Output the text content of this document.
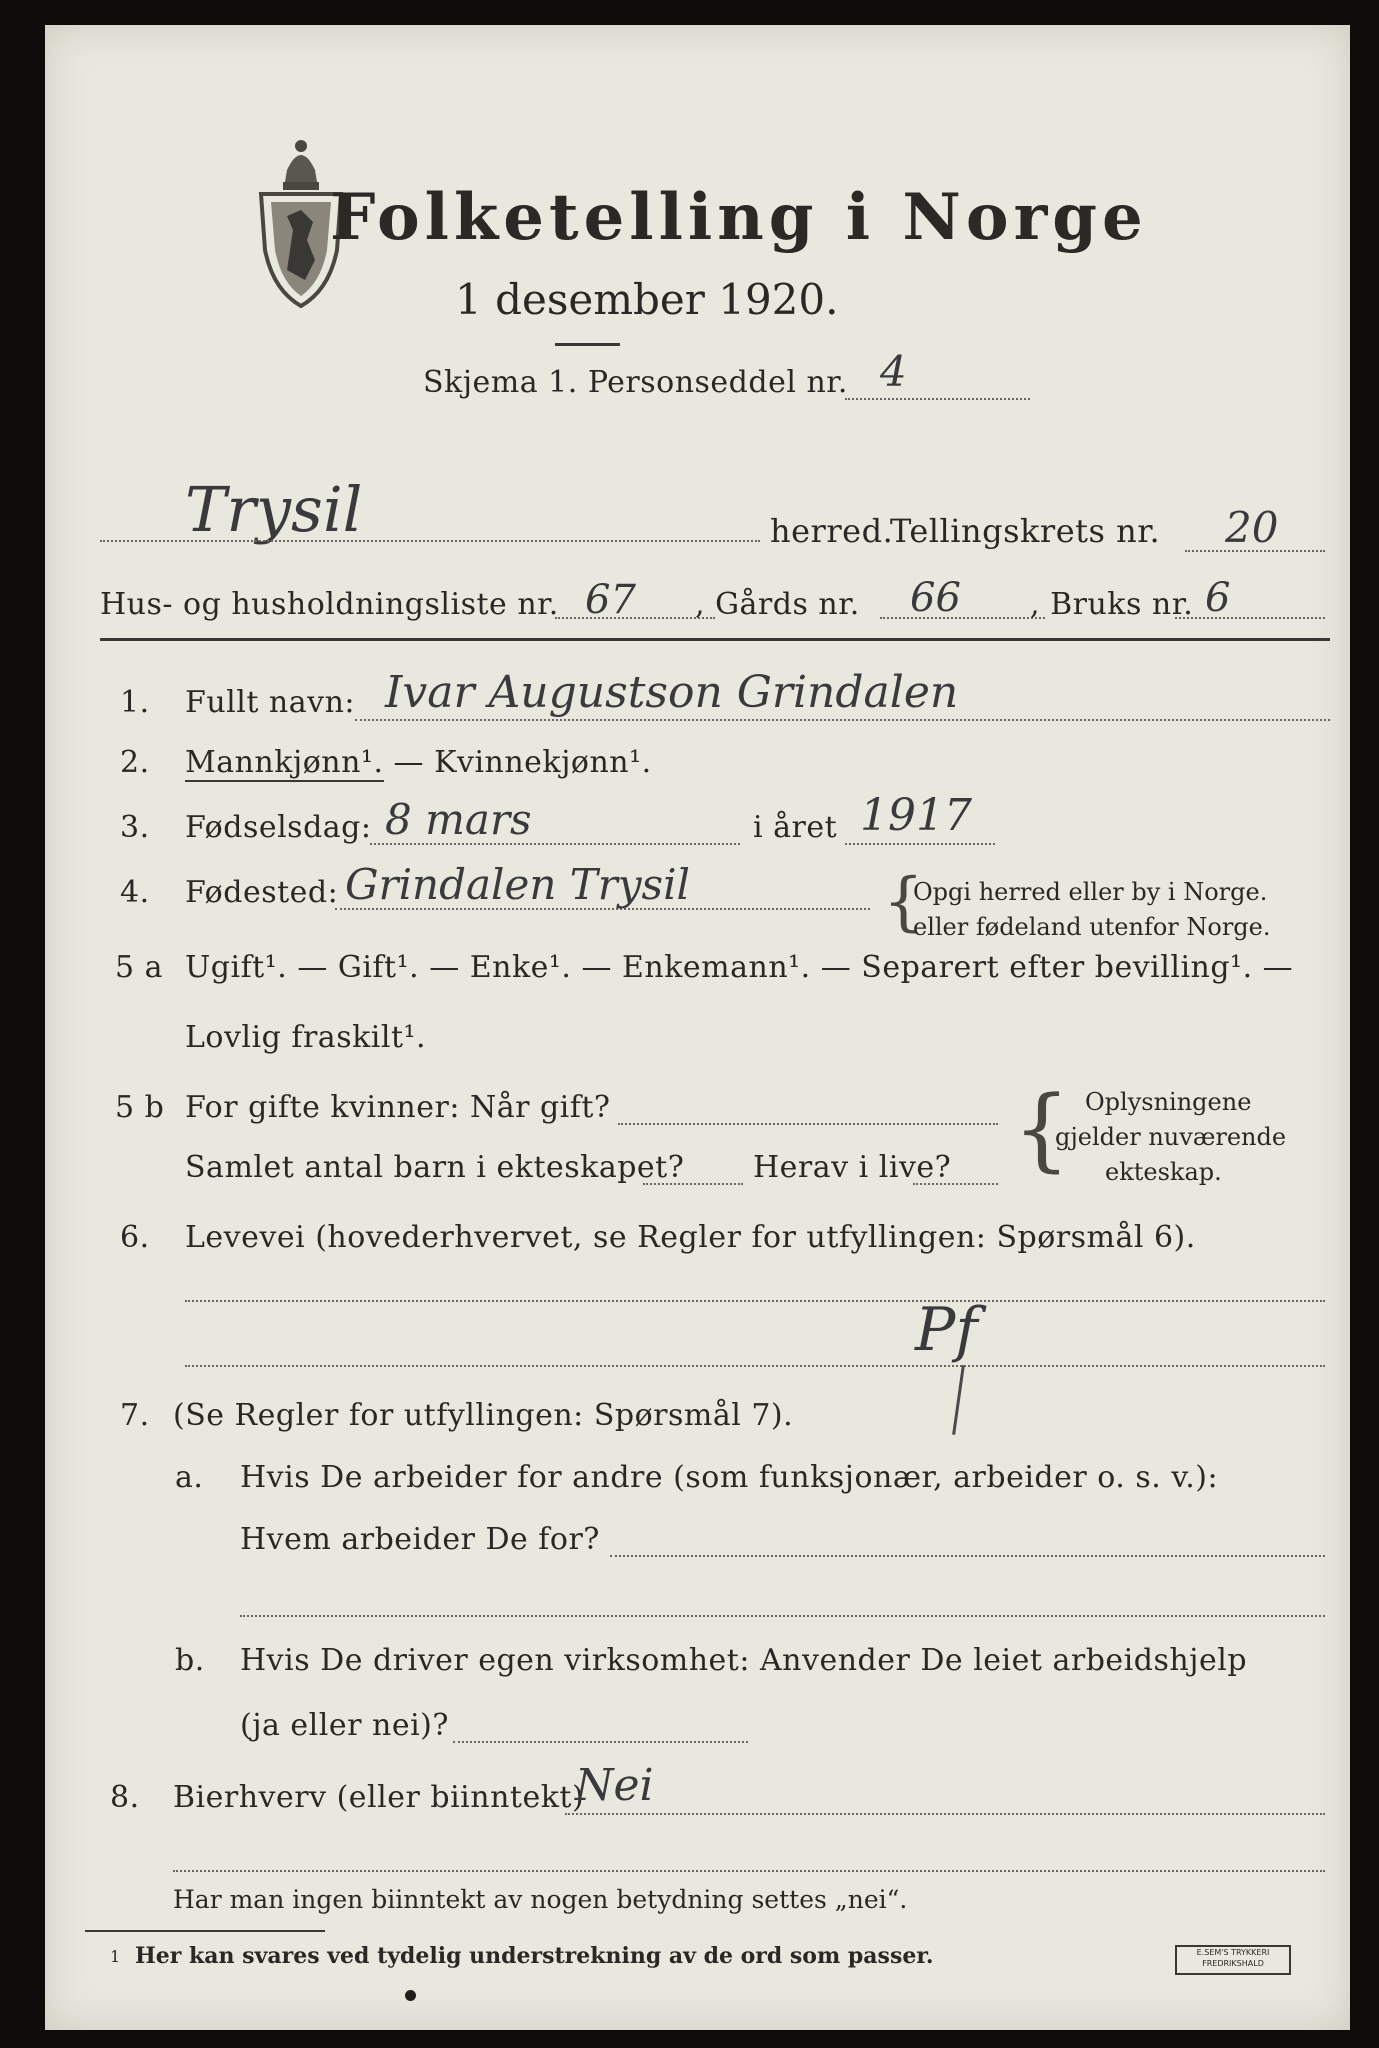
Folketelling i Norge
1 desember 1920.
Skjema 1. Personseddel nr. 4
Trysil	herred.
Tellingskrets nr. 20
Hus- og husholdningsliste nr. 67 , Gårds nr. 66 , Bruks nr. 6
1. Fullt navn: Ivar Augustson Grindalen
2. Mannkjønn¹. — Kvinnekjønn¹.
3. Fødselsdag: 8 mars	i året 1917
4. Fødested: Grindalen Trysil	{
Opgi herred eller by i Norge.
eller fødeland utenfor Norge.
5 a Ugift¹. — Gift¹. — Enke¹. — Enkemann¹. — Separert efter bevilling¹. —
Lovlig fraskilt¹.
5 b For gifte kvinner: Når gift?
Samlet antal barn i ekteskapet? Herav i live? { Oplysningene
gjelder nuværende
ekteskap.
6. Levevei (hovederhvervet, se Regler for utfyllingen: Spørsmål 6).
Pf
7. (Se Regler for utfyllingen: Spørsmål 7).
a. Hvis De arbeider for andre (som funksjonær, arbeider o. s. v.):
Hvem arbeider De for?
b. Hvis De driver egen virksomhet: Anvender De leiet arbeidshjelp
(ja eller nei)?
8. Bierhverv (eller biinntekt)
Nei
Har man ingen biinntekt av nogen betydning settes „nei“.
1 Her kan svares ved tydelig understrekning av de ord som passer.	E.SEM'S TRYKKERI
FREDRIKSHALD
